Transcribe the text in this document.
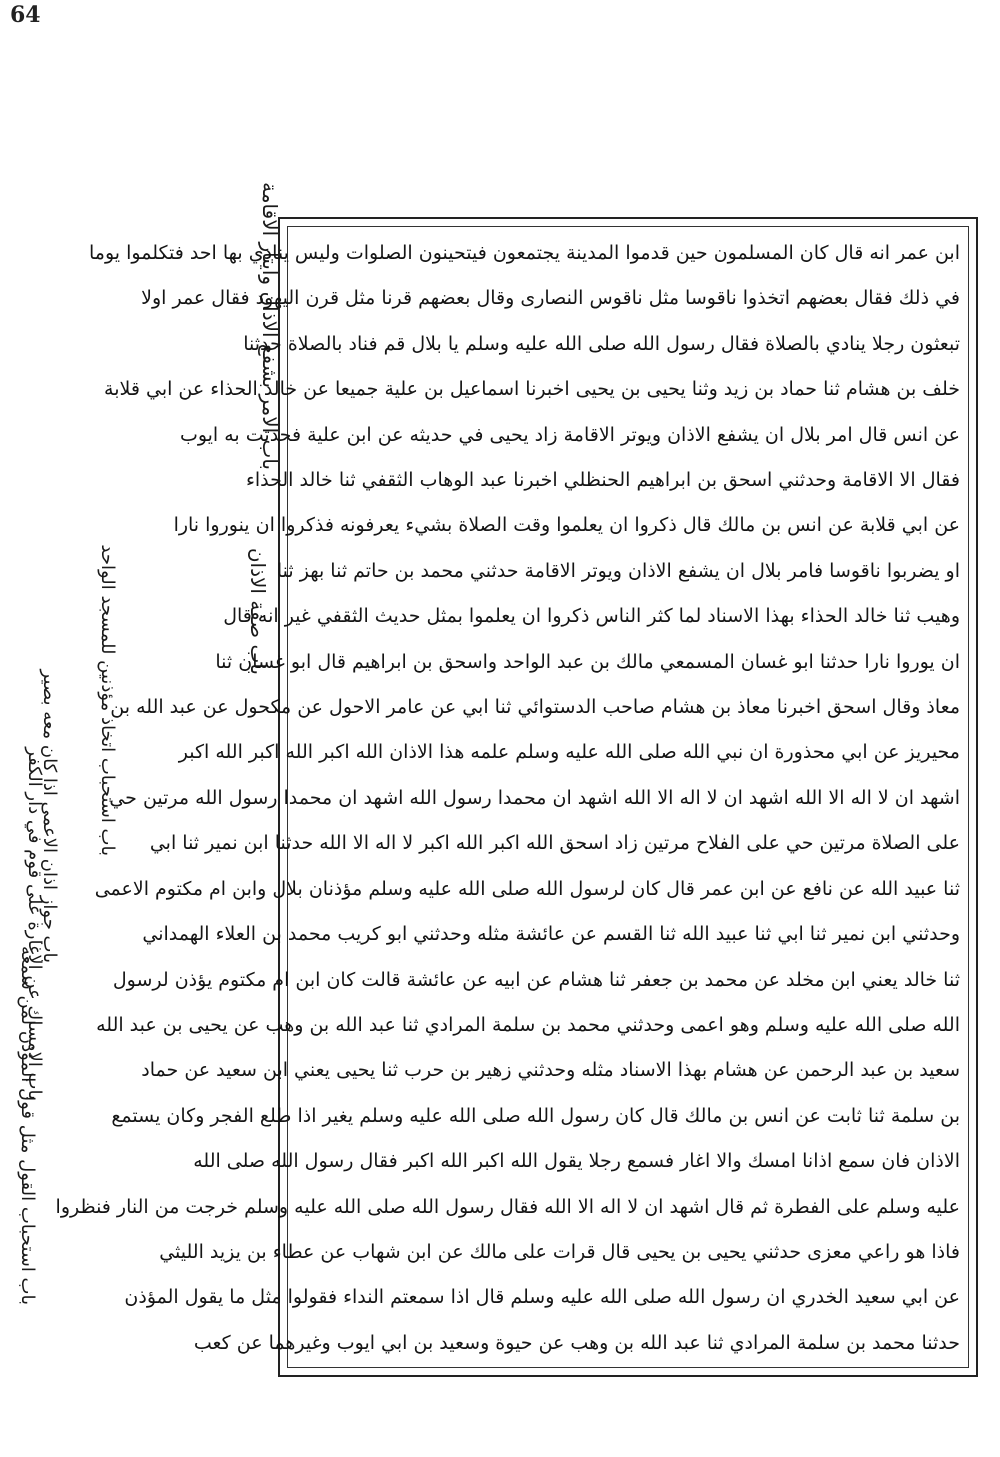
64
باب الامر بشفع الاذان وايتار الاقامة
باب صفة الاذان
باب استحباب اتخاذ مؤذنين للمسجد الواحد
باب جواز اذان الاعمى اذا كان معه بصير
باب الامساك عن الاغارة على قوم في دار الكفر
باب استحباب القول مثل قول المؤذن لمن سمعه
ابن عمر انه قال كان المسلمون حين قدموا المدينة يجتمعون فيتحينون الصلوات وليس ينادي بها احد فتكلموا يوما
في ذلك فقال بعضهم اتخذوا ناقوسا مثل ناقوس النصارى وقال بعضهم قرنا مثل قرن اليهود فقال عمر اولا
تبعثون رجلا ينادي بالصلاة فقال رسول الله صلى الله عليه وسلم يا بلال قم فناد بالصلاة حدثنا
خلف بن هشام ثنا حماد بن زيد وثنا يحيى بن يحيى اخبرنا اسماعيل بن علية جميعا عن خالد الحذاء عن ابي قلابة
عن انس قال امر بلال ان يشفع الاذان ويوتر الاقامة زاد يحيى في حديثه عن ابن علية فحدثت به ايوب
فقال الا الاقامة وحدثني اسحق بن ابراهيم الحنظلي اخبرنا عبد الوهاب الثقفي ثنا خالد الحذاء
عن ابي قلابة عن انس بن مالك قال ذكروا ان يعلموا وقت الصلاة بشيء يعرفونه فذكروا ان ينوروا نارا
او يضربوا ناقوسا فامر بلال ان يشفع الاذان ويوتر الاقامة حدثني محمد بن حاتم ثنا بهز ثنا
وهيب ثنا خالد الحذاء بهذا الاسناد لما كثر الناس ذكروا ان يعلموا بمثل حديث الثقفي غير انه قال
ان يوروا نارا حدثنا ابو غسان المسمعي مالك بن عبد الواحد واسحق بن ابراهيم قال ابو غسان ثنا
معاذ وقال اسحق اخبرنا معاذ بن هشام صاحب الدستوائي ثنا ابي عن عامر الاحول عن مكحول عن عبد الله بن
محيريز عن ابي محذورة ان نبي الله صلى الله عليه وسلم علمه هذا الاذان الله اكبر الله اكبر الله اكبر
اشهد ان لا اله الا الله اشهد ان لا اله الا الله اشهد ان محمدا رسول الله اشهد ان محمدا رسول الله مرتين حي
على الصلاة مرتين حي على الفلاح مرتين زاد اسحق الله اكبر الله اكبر لا اله الا الله حدثنا ابن نمير ثنا ابي
ثنا عبيد الله عن نافع عن ابن عمر قال كان لرسول الله صلى الله عليه وسلم مؤذنان بلال وابن ام مكتوم الاعمى
وحدثني ابن نمير ثنا ابي ثنا عبيد الله ثنا القسم عن عائشة مثله وحدثني ابو كريب محمد بن العلاء الهمداني
ثنا خالد يعني ابن مخلد عن محمد بن جعفر ثنا هشام عن ابيه عن عائشة قالت كان ابن ام مكتوم يؤذن لرسول
الله صلى الله عليه وسلم وهو اعمى وحدثني محمد بن سلمة المرادي ثنا عبد الله بن وهب عن يحيى بن عبد الله
سعيد بن عبد الرحمن عن هشام بهذا الاسناد مثله وحدثني زهير بن حرب ثنا يحيى يعني ابن سعيد عن حماد
بن سلمة ثنا ثابت عن انس بن مالك قال كان رسول الله صلى الله عليه وسلم يغير اذا طلع الفجر وكان يستمع
الاذان فان سمع اذانا امسك والا اغار فسمع رجلا يقول الله اكبر الله اكبر فقال رسول الله صلى الله
عليه وسلم على الفطرة ثم قال اشهد ان لا اله الا الله فقال رسول الله صلى الله عليه وسلم خرجت من النار فنظروا
فاذا هو راعي معزى حدثني يحيى بن يحيى قال قرات على مالك عن ابن شهاب عن عطاء بن يزيد الليثي
عن ابي سعيد الخدري ان رسول الله صلى الله عليه وسلم قال اذا سمعتم النداء فقولوا مثل ما يقول المؤذن
حدثنا محمد بن سلمة المرادي ثنا عبد الله بن وهب عن حيوة وسعيد بن ابي ايوب وغيرهما عن كعب
